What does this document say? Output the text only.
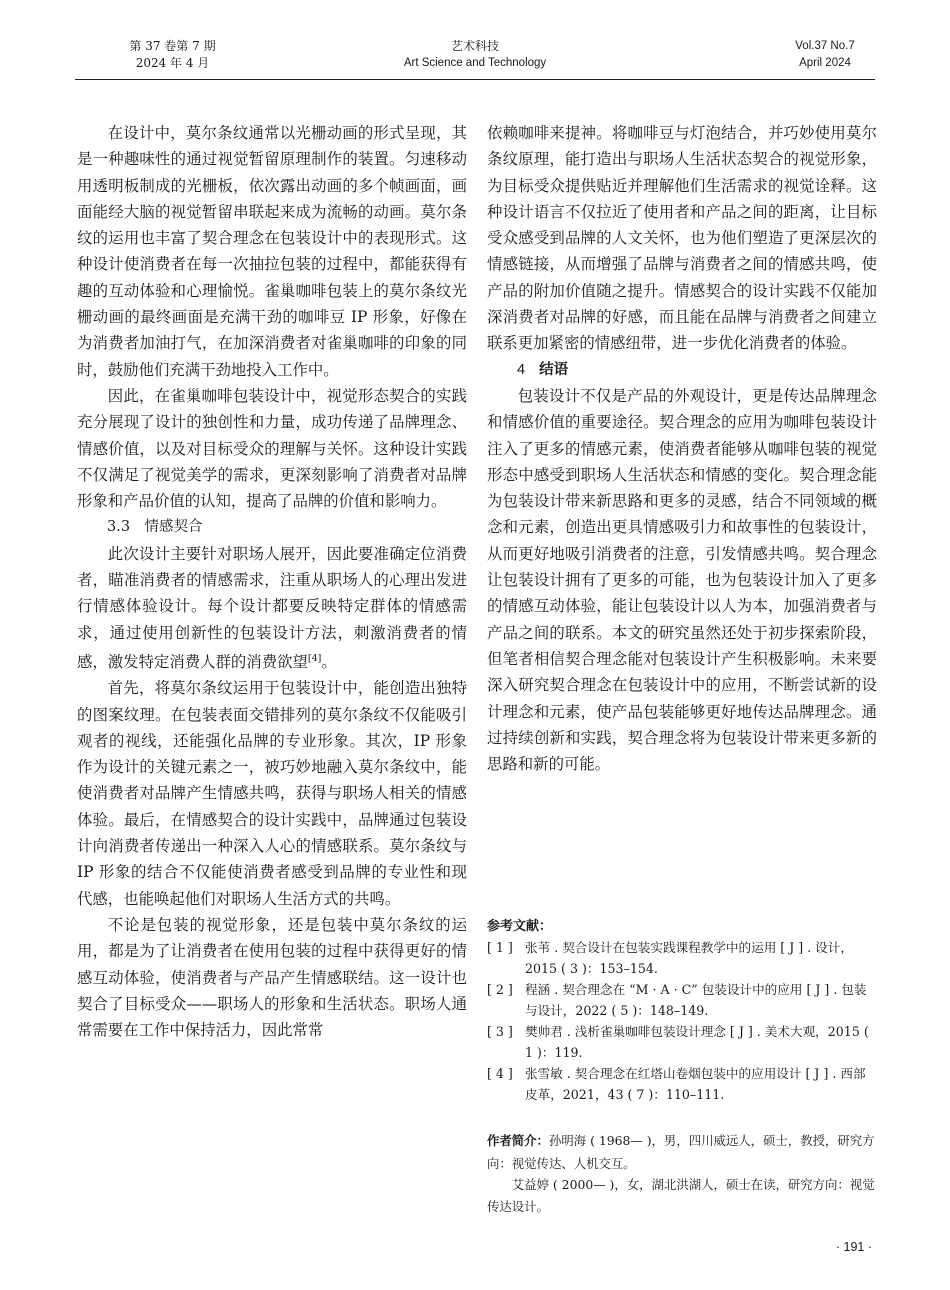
第 37 卷第 7 期
2024 年 4 月
艺术科技
Art Science and Technology
Vol.37 No.7
April 2024

在设计中，莫尔条纹通常以光栅动画的形式呈现，其是一种趣味性的通过视觉暂留原理制作的装置。匀速移动用透明板制成的光栅板，依次露出动画的多个帧画面，画面能经大脑的视觉暂留串联起来成为流畅的动画。莫尔条纹的运用也丰富了契合理念在包装设计中的表现形式。这种设计使消费者在每一次抽拉包装的过程中，都能获得有趣的互动体验和心理愉悦。雀巢咖啡包装上的莫尔条纹光栅动画的最终画面是充满干劲的咖啡豆 IP 形象，好像在为消费者加油打气，在加深消费者对雀巢咖啡的印象的同时，鼓励他们充满干劲地投入工作中。

因此，在雀巢咖啡包装设计中，视觉形态契合的实践充分展现了设计的独创性和力量，成功传递了品牌理念、情感价值，以及对目标受众的理解与关怀。这种设计实践不仅满足了视觉美学的需求，更深刻影响了消费者对品牌形象和产品价值的认知，提高了品牌的价值和影响力。

3.3　情感契合

此次设计主要针对职场人展开，因此要准确定位消费者，瞄准消费者的情感需求，注重从职场人的心理出发进行情感体验设计。每个设计都要反映特定群体的情感需求，通过使用创新性的包装设计方法，刺激消费者的情感，激发特定消费人群的消费欲望[4]。

首先，将莫尔条纹运用于包装设计中，能创造出独特的图案纹理。在包装表面交错排列的莫尔条纹不仅能吸引观者的视线，还能强化品牌的专业形象。其次，IP 形象作为设计的关键元素之一，被巧妙地融入莫尔条纹中，能使消费者对品牌产生情感共鸣，获得与职场人相关的情感体验。最后，在情感契合的设计实践中，品牌通过包装设计向消费者传递出一种深入人心的情感联系。莫尔条纹与 IP 形象的结合不仅能使消费者感受到品牌的专业性和现代感，也能唤起他们对职场人生活方式的共鸣。

不论是包装的视觉形象，还是包装中莫尔条纹的运用，都是为了让消费者在使用包装的过程中获得更好的情感互动体验，使消费者与产品产生情感联结。这一设计也契合了目标受众——职场人的形象和生活状态。职场人通常需要在工作中保持活力，因此常常

依赖咖啡来提神。将咖啡豆与灯泡结合，并巧妙使用莫尔条纹原理，能打造出与职场人生活状态契合的视觉形象，为目标受众提供贴近并理解他们生活需求的视觉诠释。这种设计语言不仅拉近了使用者和产品之间的距离，让目标受众感受到品牌的人文关怀，也为他们塑造了更深层次的情感链接，从而增强了品牌与消费者之间的情感共鸣，使产品的附加价值随之提升。情感契合的设计实践不仅能加深消费者对品牌的好感，而且能在品牌与消费者之间建立联系更加紧密的情感纽带，进一步优化消费者的体验。

4 结语

包装设计不仅是产品的外观设计，更是传达品牌理念和情感价值的重要途径。契合理念的应用为咖啡包装设计注入了更多的情感元素，使消费者能够从咖啡包装的视觉形态中感受到职场人生活状态和情感的变化。契合理念能为包装设计带来新思路和更多的灵感，结合不同领域的概念和元素，创造出更具情感吸引力和故事性的包装设计，从而更好地吸引消费者的注意，引发情感共鸣。契合理念让包装设计拥有了更多的可能，也为包装设计加入了更多的情感互动体验，能让包装设计以人为本，加强消费者与产品之间的联系。本文的研究虽然还处于初步探索阶段，但笔者相信契合理念能对包装设计产生积极影响。未来要深入研究契合理念在包装设计中的应用，不断尝试新的设计理念和元素，使产品包装能够更好地传达品牌理念。通过持续创新和实践，契合理念将为包装设计带来更多新的思路和新的可能。

参考文献：
[ 1 ] 张苇 . 契合设计在包装实践课程教学中的运用 [ J ] . 设计，2015 ( 3 )：153–154.
[ 2 ] 程涵 . 契合理念在 “M · A · C” 包装设计中的应用 [ J ] . 包装与设计，2022 ( 5 )：148–149.
[ 3 ] 樊帅君 . 浅析雀巢咖啡包装设计理念 [ J ] . 美术大观，2015 ( 1 )：119.
[ 4 ] 张雪敏 . 契合理念在红塔山卷烟包装中的应用设计 [ J ] . 西部皮革，2021，43 ( 7 )：110–111.

作者简介：孙明海 ( 1968— )，男，四川威远人，硕士，教授，研究方向：视觉传达、人机交互。

艾益婷 ( 2000— )，女，湖北洪湖人，硕士在读，研究方向：视觉传达设计。

· 191 ·
